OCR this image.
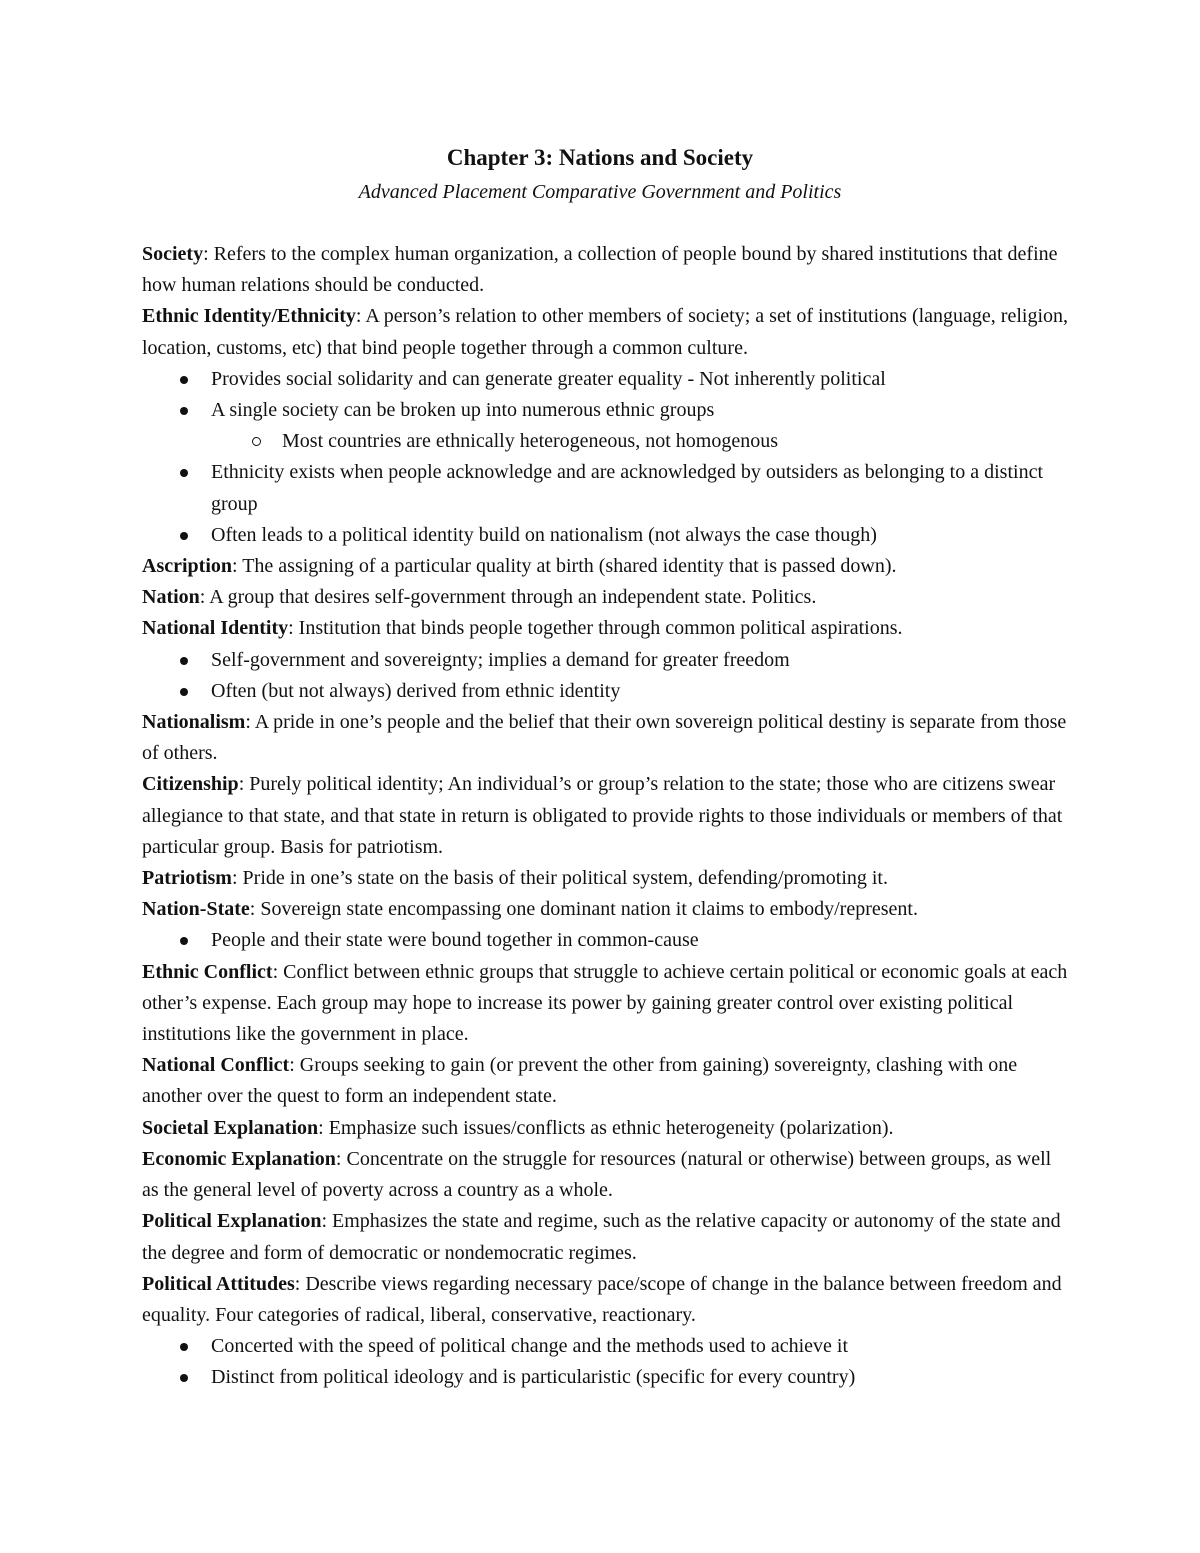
Chapter 3: Nations and Society
Advanced Placement Comparative Government and Politics

Society: Refers to the complex human organization, a collection of people bound by shared institutions that define how human relations should be conducted.

Ethnic Identity/Ethnicity: A person’s relation to other members of society; a set of institutions (language, religion, location, customs, etc) that bind people together through a common culture.

Provides social solidarity and can generate greater equality - Not inherently political
A single society can be broken up into numerous ethnic groups
Most countries are ethnically heterogeneous, not homogenous
Ethnicity exists when people acknowledge and are acknowledged by outsiders as belonging to a distinct group
Often leads to a political identity build on nationalism (not always the case though)

Ascription: The assigning of a particular quality at birth (shared identity that is passed down).

Nation: A group that desires self-government through an independent state. Politics.

National Identity: Institution that binds people together through common political aspirations.

Self-government and sovereignty; implies a demand for greater freedom
Often (but not always) derived from ethnic identity

Nationalism: A pride in one’s people and the belief that their own sovereign political destiny is separate from those of others.

Citizenship: Purely political identity; An individual’s or group’s relation to the state; those who are citizens swear allegiance to that state, and that state in return is obligated to provide rights to those individuals or members of that particular group. Basis for patriotism.

Patriotism: Pride in one’s state on the basis of their political system, defending/promoting it.

Nation-State: Sovereign state encompassing one dominant nation it claims to embody/represent.

People and their state were bound together in common-cause

Ethnic Conflict: Conflict between ethnic groups that struggle to achieve certain political or economic goals at each other’s expense. Each group may hope to increase its power by gaining greater control over existing political institutions like the government in place.

National Conflict: Groups seeking to gain (or prevent the other from gaining) sovereignty, clashing with one another over the quest to form an independent state.

Societal Explanation: Emphasize such issues/conflicts as ethnic heterogeneity (polarization).

Economic Explanation: Concentrate on the struggle for resources (natural or otherwise) between groups, as well as the general level of poverty across a country as a whole.

Political Explanation: Emphasizes the state and regime, such as the relative capacity or autonomy of the state and the degree and form of democratic or nondemocratic regimes.

Political Attitudes: Describe views regarding necessary pace/scope of change in the balance between freedom and equality. Four categories of radical, liberal, conservative, reactionary.

Concerted with the speed of political change and the methods used to achieve it
Distinct from political ideology and is particularistic (specific for every country)
